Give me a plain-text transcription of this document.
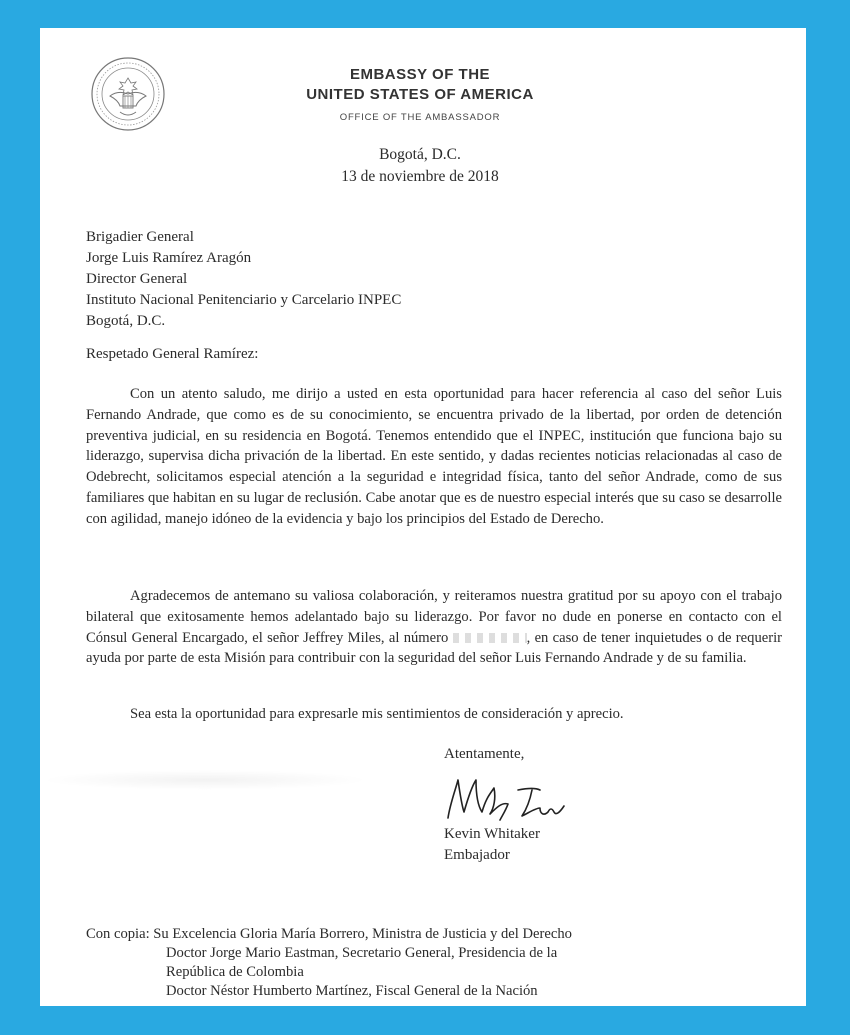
EMBASSY OF THE
UNITED STATES OF AMERICA
OFFICE OF THE AMBASSADOR
Bogotá, D.C.
13 de noviembre de 2018
Brigadier General
Jorge Luis Ramírez Aragón
Director General
Instituto Nacional Penitenciario y Carcelario INPEC
Bogotá, D.C.
Respetado General Ramírez:

Con un atento saludo, me dirijo a usted en esta oportunidad para hacer referencia al caso del señor Luis Fernando Andrade, que como es de su conocimiento, se encuentra privado de la libertad, por orden de detención preventiva judicial, en su residencia en Bogotá. Tenemos entendido que el INPEC, institución que funciona bajo su liderazgo, supervisa dicha privación de la libertad. En este sentido, y dadas recientes noticias relacionadas al caso de Odebrecht, solicitamos especial atención a la seguridad e integridad física, tanto del señor Andrade, como de sus familiares que habitan en su lugar de reclusión. Cabe anotar que es de nuestro especial interés que su caso se desarrolle con agilidad, manejo idóneo de la evidencia y bajo los principios del Estado de Derecho.

Agradecemos de antemano su valiosa colaboración, y reiteramos nuestra gratitud por su apoyo con el trabajo bilateral que exitosamente hemos adelantado bajo su liderazgo. Por favor no dude en ponerse en contacto con el Cónsul General Encargado, el señor Jeffrey Miles, al número	, en caso de tener inquietudes o de requerir ayuda por parte de esta Misión para contribuir con la seguridad del señor Luis Fernando Andrade y de su familia.

Sea esta la oportunidad para expresarle mis sentimientos de consideración y aprecio.

Atentamente,
Kevin Whitaker
Embajador
Con copia: Su Excelencia Gloria María Borrero, Ministra de Justicia y del Derecho
Doctor Jorge Mario Eastman, Secretario General, Presidencia de la
República de Colombia
Doctor Néstor Humberto Martínez, Fiscal General de la Nación
